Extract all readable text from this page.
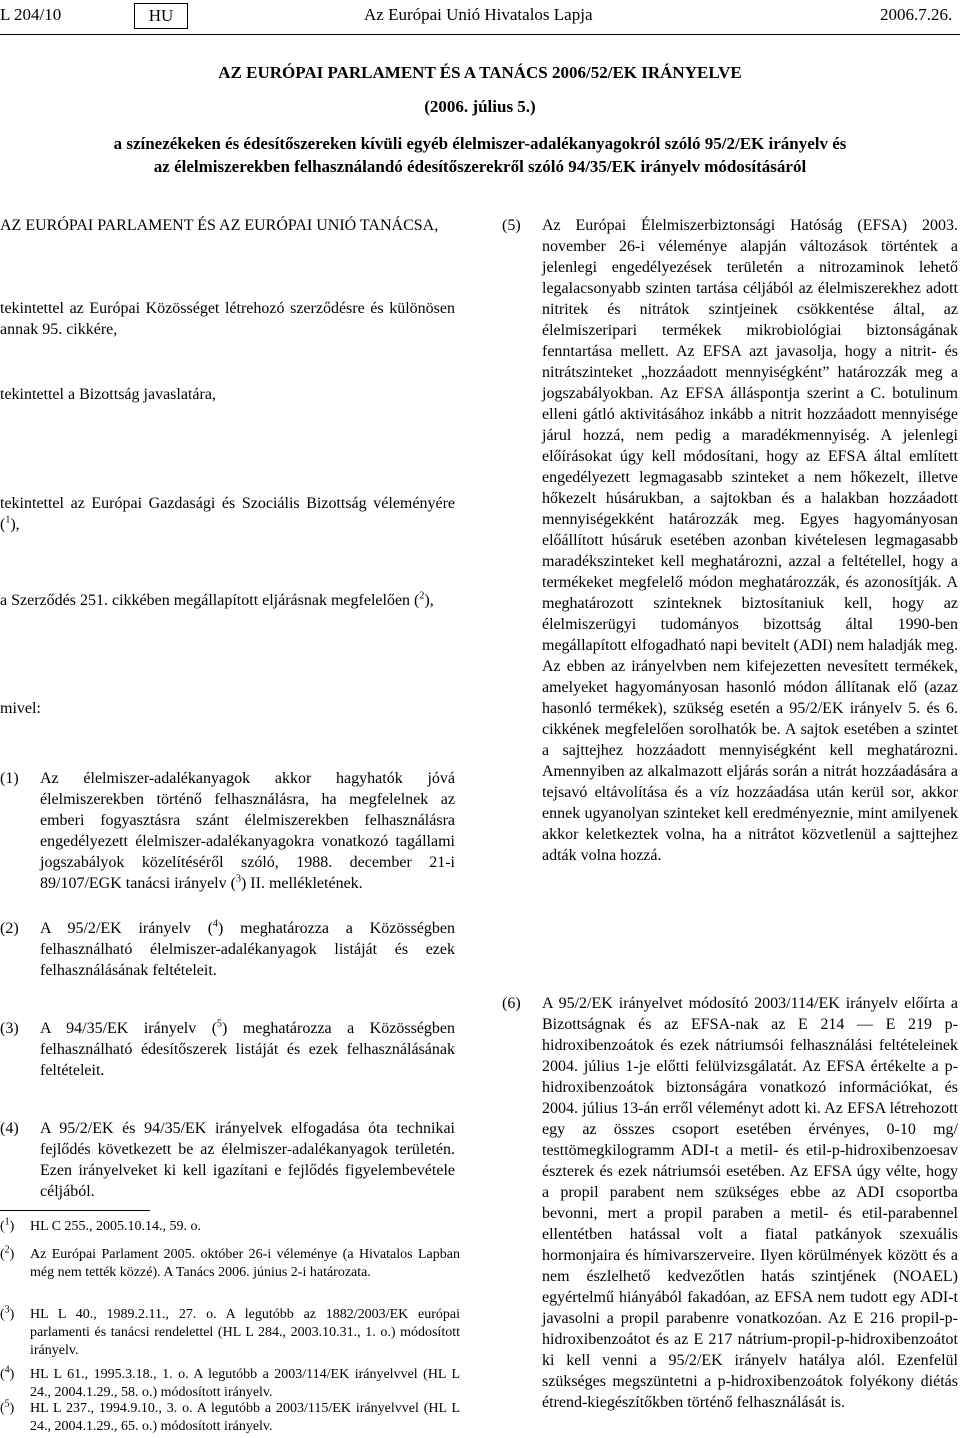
L 204/10	HU	Az Európai Unió Hivatalos Lapja	2006.7.26.
AZ EURÓPAI PARLAMENT ÉS A TANÁCS 2006/52/EK IRÁNYELVE
(2006. július 5.)
a színezékeken és édesítőszereken kívüli egyéb élelmiszer-adalékanyagokról szóló 95/2/EK irányelv és
az élelmiszerekben felhasználandó édesítőszerekről szóló 94/35/EK irányelv módosításáról

AZ EURÓPAI PARLAMENT ÉS AZ EURÓPAI UNIÓ TANÁCSA,

tekintettel az Európai Közösséget létrehozó szerződésre és különösen annak 95. cikkére,

tekintettel a Bizottság javaslatára,

tekintettel az Európai Gazdasági és Szociális Bizottság véleményére ($^1$),

a Szerződés 251. cikkében megállapított eljárásnak megfelelően ($^2$),

mivel:

(1) Az élelmiszer-adalékanyagok akkor hagyhatók jóvá élelmiszerekben történő felhasználásra, ha megfelelnek az emberi fogyasztásra szánt élelmiszerekben felhasználásra engedélyezett élelmiszer-adalékanyagokra vonatkozó tagállami jogszabályok közelítéséről szóló, 1988. december 21-i 89/107/EGK tanácsi irányelv ($^3$) II. mellékletének.
(2) A 95/2/EK irányelv ($^4$) meghatározza a Közösségben felhasználható élelmiszer-adalékanyagok listáját és ezek felhasználásának feltételeit.
(3) A 94/35/EK irányelv ($^5$) meghatározza a Közösségben felhasználható édesítőszerek listáját és ezek felhasználásának feltételeit.
(4) A 95/2/EK és 94/35/EK irányelvek elfogadása óta technikai fejlődés következett be az élelmiszer-adalékanyagok területén. Ezen irányelveket ki kell igazítani e fejlődés figyelembevétele céljából.
($^1$) HL C 255., 2005.10.14., 59. o.
($^2$) Az Európai Parlament 2005. október 26-i véleménye (a Hivatalos Lapban még nem tették közzé). A Tanács 2006. június 2-i határozata.
($^3$) HL L 40., 1989.2.11., 27. o. A legutóbb az 1882/2003/EK európai parlamenti és tanácsi rendelettel (HL L 284., 2003.10.31., 1. o.) módosított irányelv.
($^4$) HL L 61., 1995.3.18., 1. o. A legutóbb a 2003/114/EK irányelvvel (HL L 24., 2004.1.29., 58. o.) módosított irányelv.
($^5$) HL L 237., 1994.9.10., 3. o. A legutóbb a 2003/115/EK irányelvvel (HL L 24., 2004.1.29., 65. o.) módosított irányelv.
(5) Az Európai Élelmiszerbiztonsági Hatóság (EFSA) 2003. november 26-i véleménye alapján változások történtek a jelenlegi engedélyezések területén a nitrozaminok lehető legalacsonyabb szinten tartása céljából az élelmiszerekhez adott nitritek és nitrátok szintjeinek csökkentése által, az élelmiszeripari termékek mikrobiológiai biztonságának fenntartása mellett. Az EFSA azt javasolja, hogy a nitrit- és nitrátszinteket „hozzáadott mennyiségként” határozzák meg a jogszabályokban. Az EFSA álláspontja szerint a C. botulinum elleni gátló aktivitásához inkább a nitrit hozzáadott mennyisége járul hozzá, nem pedig a maradékmennyiség. A jelenlegi előírásokat úgy kell módosítani, hogy az EFSA által említett engedélyezett legmagasabb szinteket a nem hőkezelt, illetve hőkezelt húsárukban, a sajtokban és a halakban hozzáadott mennyiségekként határozzák meg. Egyes hagyományosan előállított húsáruk esetében azonban kivételesen legmagasabb maradékszinteket kell meghatározni, azzal a feltétellel, hogy a termékeket megfelelő módon meghatározzák, és azonosítják. A meghatározott szinteknek biztosítaniuk kell, hogy az élelmiszerügyi tudományos bizottság által 1990-ben megállapított elfogadható napi bevitelt (ADI) nem haladják meg. Az ebben az irányelvben nem kifejezetten nevesített termékek, amelyeket hagyományosan hasonló módon állítanak elő (azaz hasonló termékek), szükség esetén a 95/2/EK irányelv 5. és 6. cikkének megfelelően sorolhatók be. A sajtok esetében a szintet a sajttejhez hozzáadott mennyiségként kell meghatározni. Amennyiben az alkalmazott eljárás során a nitrát hozzáadására a tejsavó eltávolítása és a víz hozzáadása után kerül sor, akkor ennek ugyanolyan szinteket kell eredményeznie, mint amilyenek akkor keletkeztek volna, ha a nitrátot közvetlenül a sajttejhez adták volna hozzá.
(6) A 95/2/EK irányelvet módosító 2003/114/EK irányelv előírta a Bizottságnak és az EFSA-nak az E 214 — E 219 p-hidroxibenzoátok és ezek nátriumsói felhasználási feltételeinek 2004. július 1-je előtti felülvizsgálatát. Az EFSA értékelte a p-hidroxibenzoátok biztonságára vonatkozó információkat, és 2004. július 13-án erről véleményt adott ki. Az EFSA létrehozott egy az összes csoport esetében érvényes, 0-10 mg/ testtömegkilogramm ADI-t a metil- és etil-p-hidroxibenzoesav észterek és ezek nátriumsói esetében. Az EFSA úgy vélte, hogy a propil parabent nem szükséges ebbe az ADI csoportba bevonni, mert a propil paraben a metil- és etil-parabennel ellentétben hatással volt a fiatal patkányok szexuális hormonjaira és hímivarszerveire. Ilyen körülmények között és a nem észlelhető kedvezőtlen hatás szintjének (NOAEL) egyértelmű hiányából fakadóan, az EFSA nem tudott egy ADI-t javasolni a propil parabenre vonatkozóan. Az E 216 propil-p-hidroxibenzoátot és az E 217 nátrium-propil-p-hidroxibenzoátot ki kell venni a 95/2/EK irányelv hatálya alól. Ezenfelül szükséges megszüntetni a p-hidroxibenzoátok folyékony diétás étrend-kiegészítőkben történő felhasználását is.
